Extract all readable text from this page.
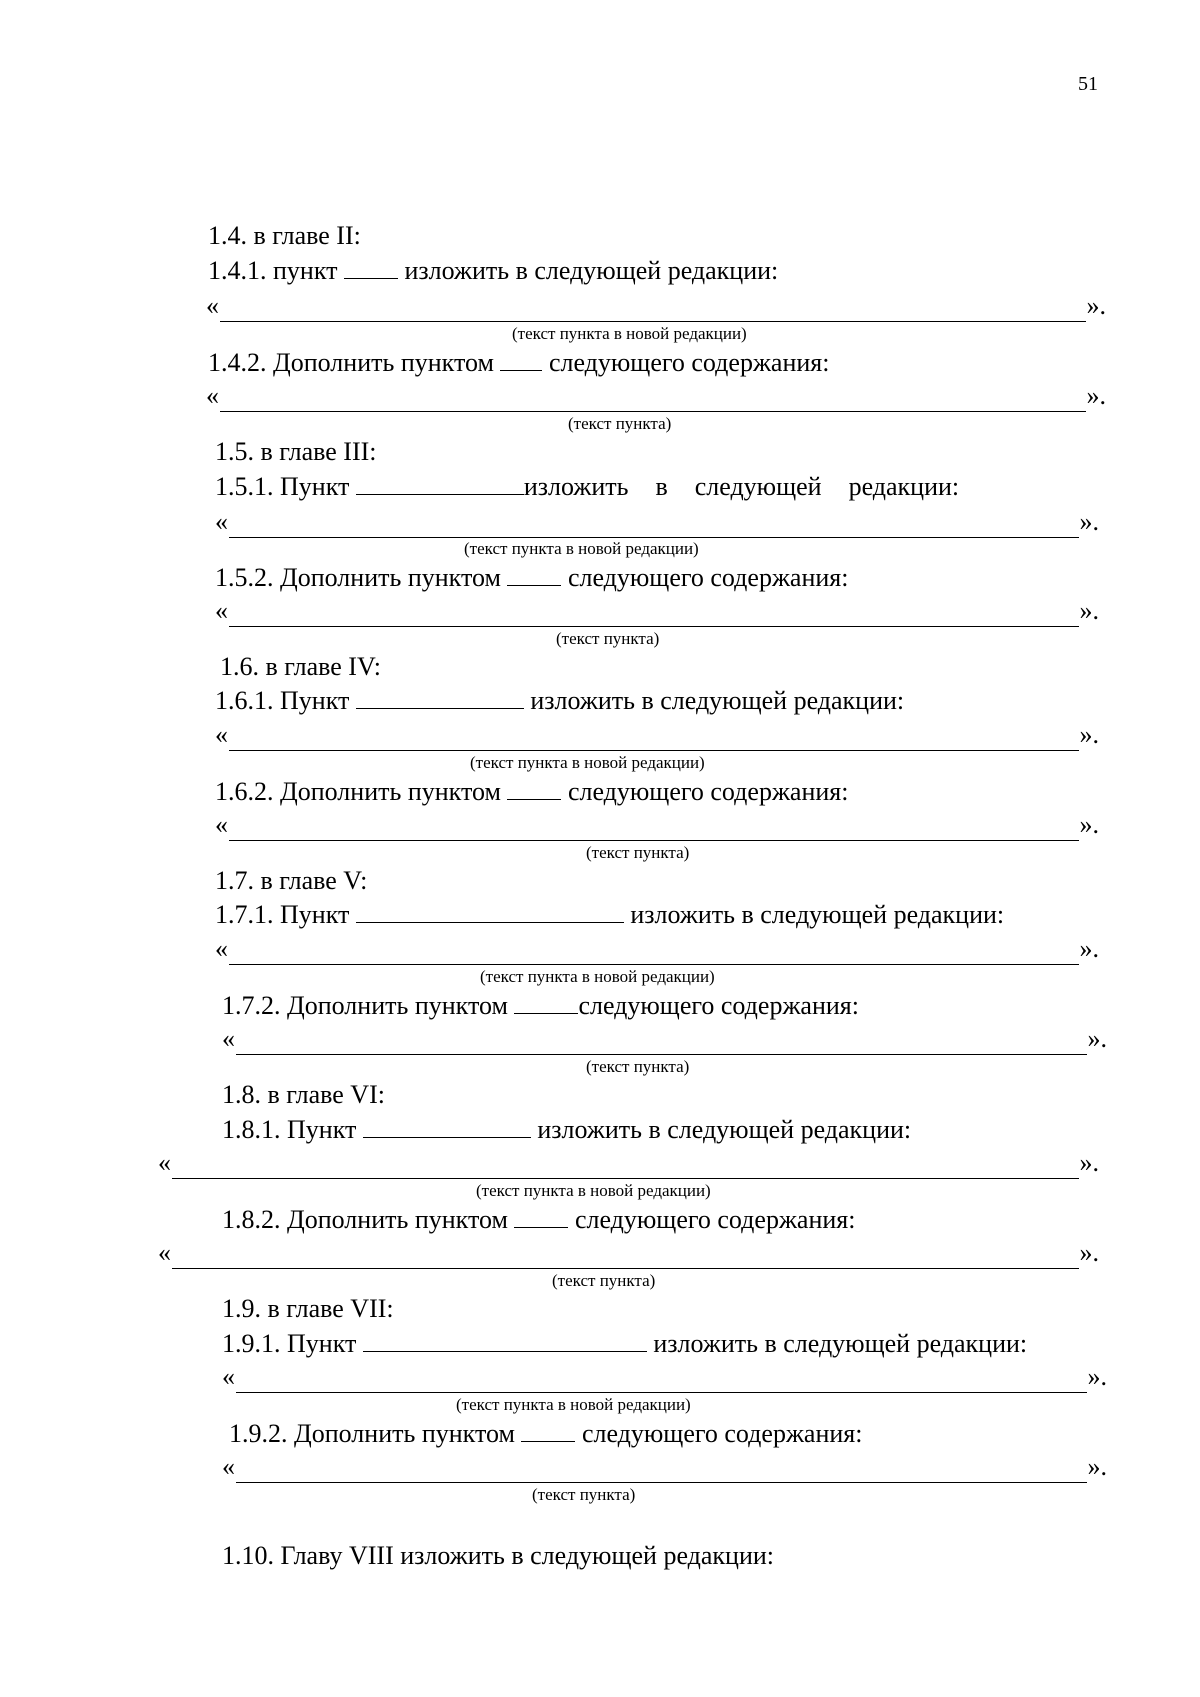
51
1.4. в главе II:
1.4.1. пункт	изложить в следующей редакции:
«	».
(текст пункта в новой редакции)
1.4.2. Дополнить пунктом следующего содержания:
«	».
(текст пункта)
1.5. в главе III:
1.5.1. Пункт	изложить в следующей редакции:
«	».
(текст пункта в новой редакции)
1.5.2. Дополнить пунктом	следующего содержания:
«	».
(текст пункта)
1.6. в главе IV:
1.6.1. Пункт	изложить в следующей редакции:
«	».
(текст пункта в новой редакции)
1.6.2. Дополнить пунктом	следующего содержания:
«	».
(текст пункта)
1.7. в главе V:
1.7.1. Пункт	изложить в следующей редакции:
«	».
(текст пункта в новой редакции)
1.7.2. Дополнить пунктом	следующего содержания:
«	».
(текст пункта)
1.8. в главе VI:
1.8.1. Пункт	изложить в следующей редакции:
«	».
(текст пункта в новой редакции)
1.8.2. Дополнить пунктом	следующего содержания:
«	».
(текст пункта)
1.9. в главе VII:
1.9.1. Пункт	изложить в следующей редакции:
«	».
(текст пункта в новой редакции)
1.9.2. Дополнить пунктом	следующего содержания:
«	».
(текст пункта)
1.10. Главу VIII изложить в следующей редакции:
